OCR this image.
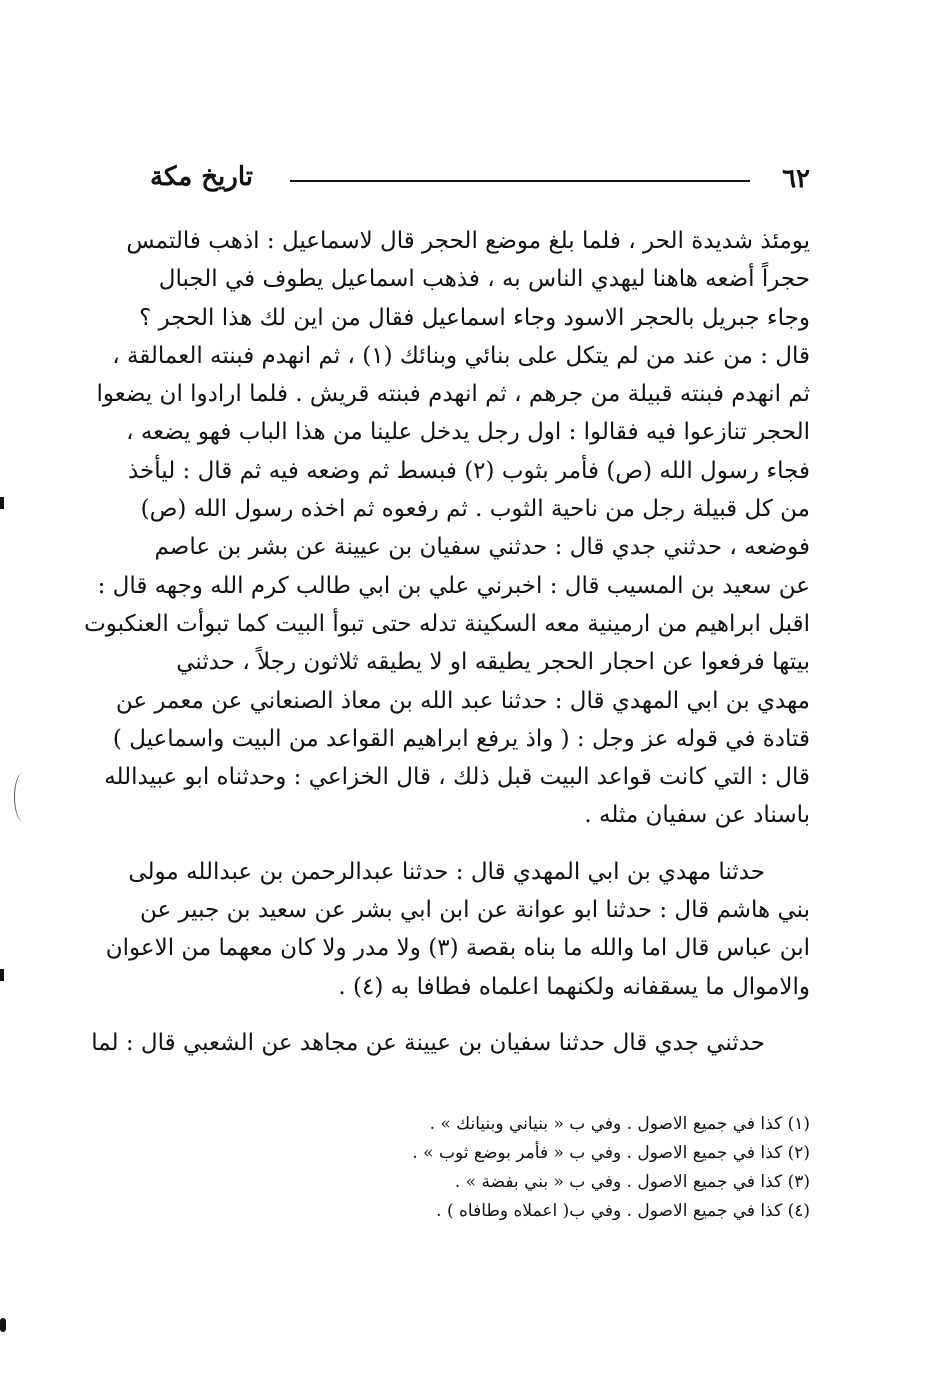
٦٢
تاريخ مكة
يومئذ شديدة الحر ، فلما بلغ موضع الحجر قال لاسماعيل : اذهب فالتمس
حجراً أضعه هاهنا ليهدي الناس به ، فذهب اسماعيل يطوف في الجبال
وجاء جبريل بالحجر الاسود وجاء اسماعيل فقال من اين لك هذا الحجر ؟
قال : من عند من لم يتكل على بنائي وبنائك (١) ، ثم انهدم فبنته العمالقة ،
ثم انهدم فبنته قبيلة من جرهم ، ثم انهدم فبنته قريش . فلما ارادوا ان يضعوا
الحجر تنازعوا فيه فقالوا : اول رجل يدخل علينا من هذا الباب فهو يضعه ،
فجاء رسول الله (ص) فأمر بثوب (٢) فبسط ثم وضعه فيه ثم قال : ليأخذ
من كل قبيلة رجل من ناحية الثوب . ثم رفعوه ثم اخذه رسول الله (ص)
فوضعه ، حدثني جدي قال : حدثني سفيان بن عيينة عن بشر بن عاصم
عن سعيد بن المسيب قال : اخبرني علي بن ابي طالب كرم الله وجهه قال :
اقبل ابراهيم من ارمينية معه السكينة تدله حتى تبوأ البيت كما تبوأت العنكبوت
بيتها فرفعوا عن احجار الحجر يطيقه او لا يطيقه ثلاثون رجلاً ، حدثني
مهدي بن ابي المهدي قال : حدثنا عبد الله بن معاذ الصنعاني عن معمر عن
قتادة في قوله عز وجل : ( واذ يرفع ابراهيم القواعد من البيت واسماعيل )
قال : التي كانت قواعد البيت قبل ذلك ، قال الخزاعي : وحدثناه ابو عبيدالله
باسناد عن سفيان مثله .
حدثنا مهدي بن ابي المهدي قال : حدثنا عبدالرحمن بن عبدالله مولى
بني هاشم قال : حدثنا ابو عوانة عن ابن ابي بشر عن سعيد بن جبير عن
ابن عباس قال اما والله ما بناه بقصة (٣) ولا مدر ولا كان معهما من الاعوان
والاموال ما يسقفانه ولكنهما اعلماه فطافا به (٤) .
حدثني جدي قال حدثنا سفيان بن عيينة عن مجاهد عن الشعبي قال : لما
(١) كذا في جميع الاصول . وفي ب « بنياني وبنيانك » .
(٢) كذا في جميع الاصول . وفي ب « فأمر بوضع ثوب » .
(٣) كذا في جميع الاصول . وفي ب « بني بفضة » .
(٤) كذا في جميع الاصول . وفي ب( اعملاه وطافاه ) .
